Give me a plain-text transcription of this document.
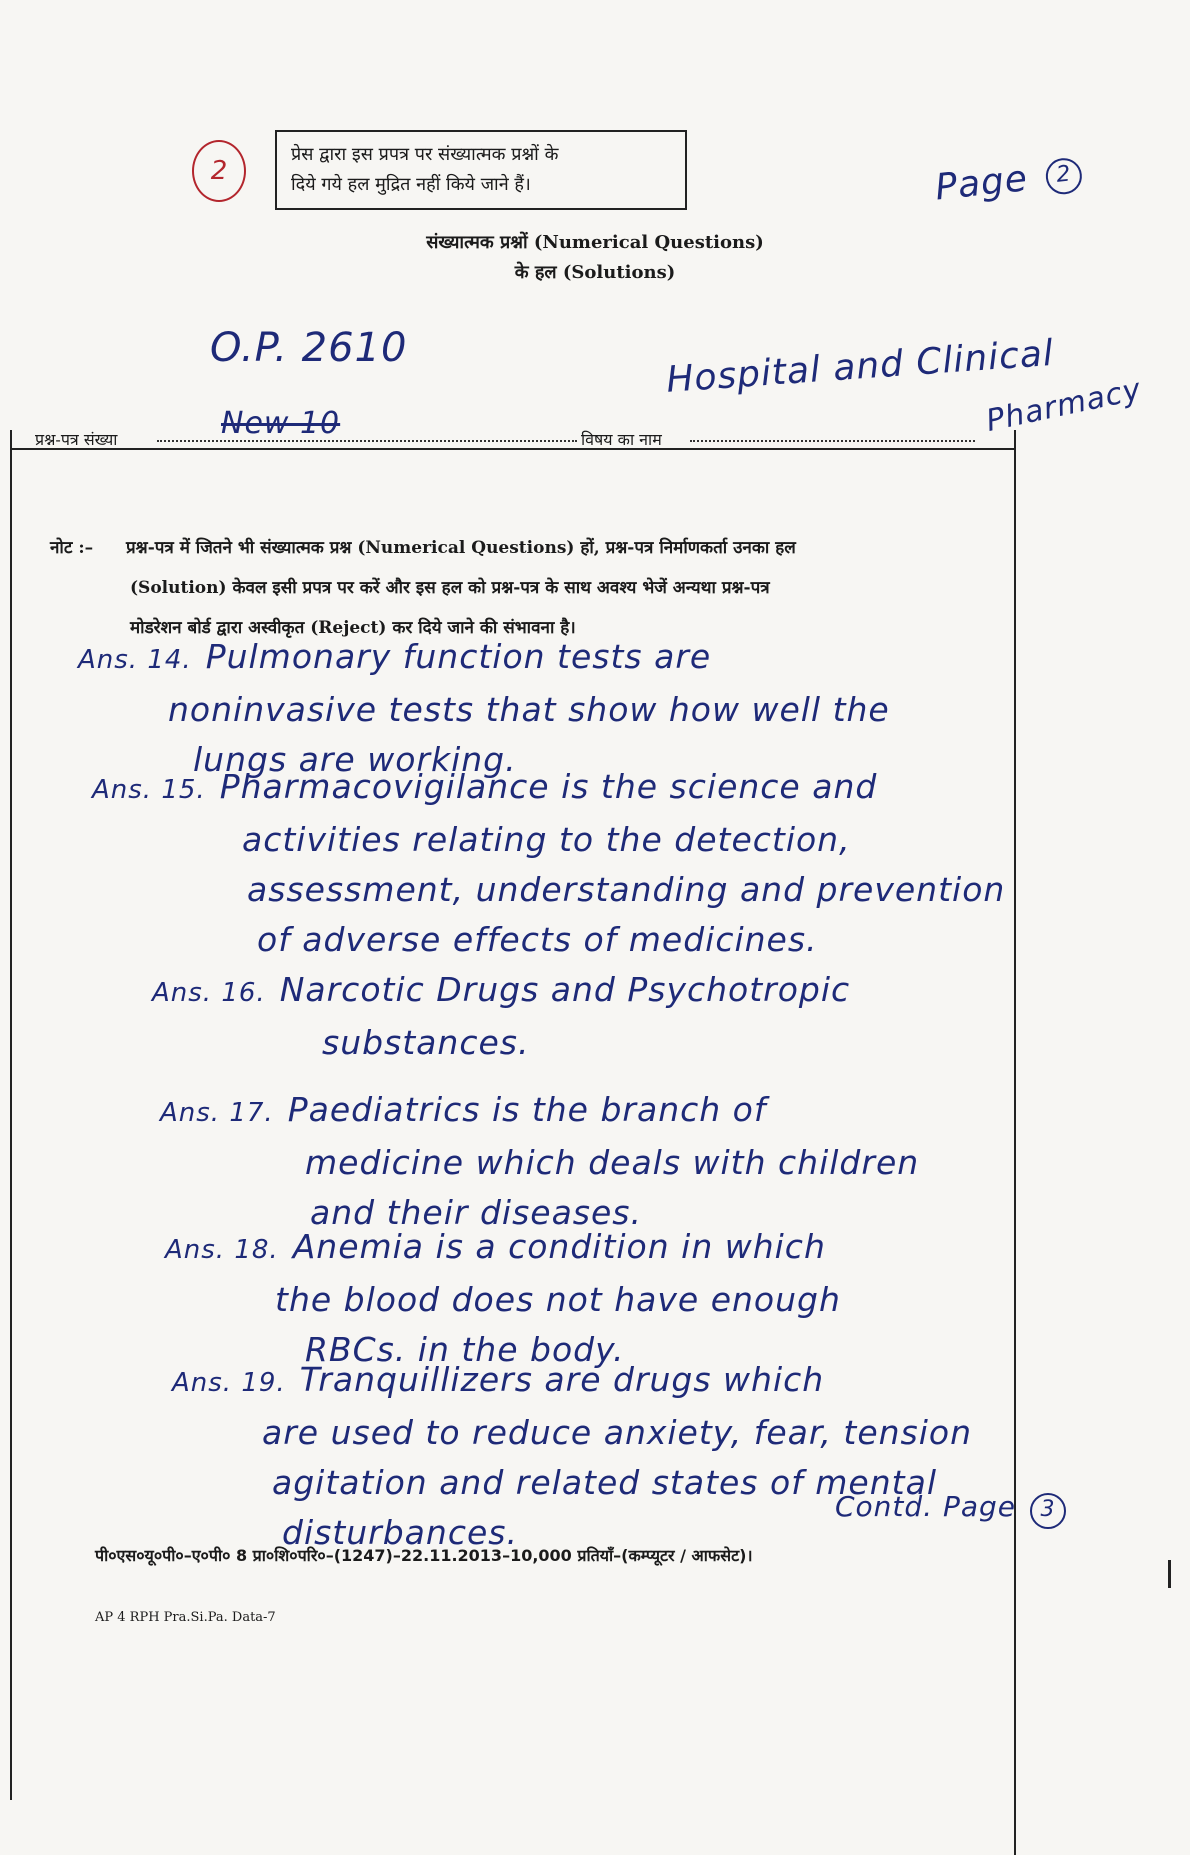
2
प्रेस द्वारा इस प्रपत्र पर संख्यात्मक प्रश्नों के
दिये गये हल मुद्रित नहीं किये जाने हैं।	Page 2
संख्यात्मक प्रश्नों (Numerical Questions)
के हल (Solutions)
O.P. 2610	Hospital and Clinical
Pharmacy
प्रश्न-पत्र संख्या	New 10	विषय का नाम
नोट :– प्रश्न-पत्र में जितने भी संख्यात्मक प्रश्न (Numerical Questions) हों, प्रश्न-पत्र निर्माणकर्ता उनका हल
(Solution) केवल इसी प्रपत्र पर करें और इस हल को प्रश्न-पत्र के साथ अवश्य भेजें अन्यथा प्रश्न-पत्र
मोडरेशन बोर्ड द्वारा अस्वीकृत (Reject) कर दिये जाने की संभावना है।
Ans. 14. Pulmonary function tests are
noninvasive tests that show how well the
lungs are working.
Ans. 15. Pharmacovigilance is the science and
activities relating to the detection,
assessment, understanding and prevention
of adverse effects of medicines.
Ans. 16. Narcotic Drugs and Psychotropic
substances.
Ans. 17. Paediatrics is the branch of
medicine which deals with children
and their diseases.
Ans. 18. Anemia is a condition in which
the blood does not have enough
RBCs. in the body.
Ans. 19. Tranquillizers are drugs which
are used to reduce anxiety, fear, tension
agitation and related states of mental
disturbances.
Contd. Page 3
पी०एस०यू०पी०–ए०पी० 8 प्रा०शि०परि०–(1247)–22.11.2013–10,000 प्रतियाँ–(कम्प्यूटर / आफसेट)।
AP 4 RPH Pra.Si.Pa. Data-7
